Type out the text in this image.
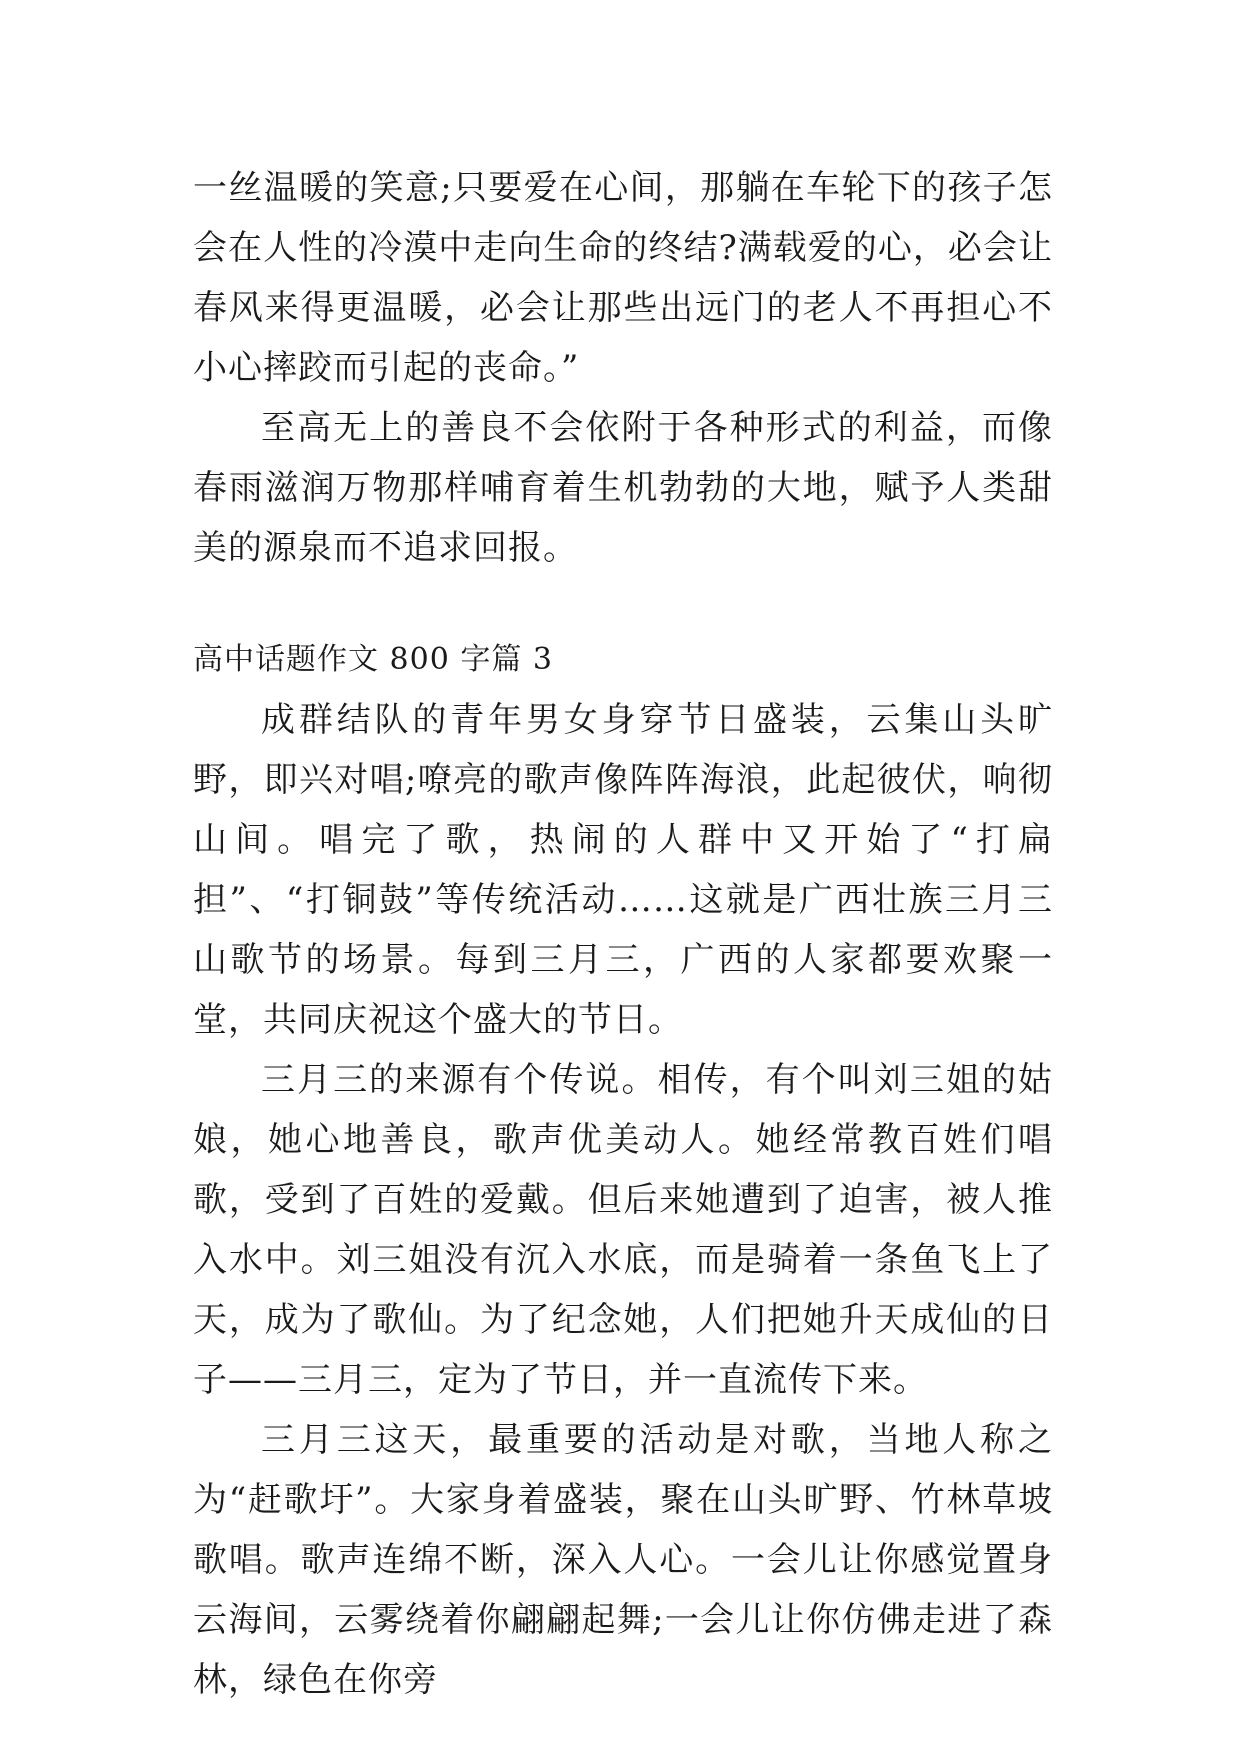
一丝温暖的笑意;只要爱在心间，那躺在车轮下的孩子怎会在人性的冷漠中走向生命的终结?满载爱的心，必会让春风来得更温暖，必会让那些出远门的老人不再担心不小心摔跤而引起的丧命。”

至高无上的善良不会依附于各种形式的利益，而像春雨滋润万物那样哺育着生机勃勃的大地，赋予人类甜美的源泉而不追求回报。

高中话题作文 800 字篇 3

成群结队的青年男女身穿节日盛装，云集山头旷野，即兴对唱;嘹亮的歌声像阵阵海浪，此起彼伏，响彻山间。唱完了歌，热闹的人群中又开始了“打扁担”、“打铜鼓”等传统活动……这就是广西壮族三月三山歌节的场景。每到三月三，广西的人家都要欢聚一堂，共同庆祝这个盛大的节日。

三月三的来源有个传说。相传，有个叫刘三姐的姑娘，她心地善良，歌声优美动人。她经常教百姓们唱歌，受到了百姓的爱戴。但后来她遭到了迫害，被人推入水中。刘三姐没有沉入水底，而是骑着一条鱼飞上了天，成为了歌仙。为了纪念她，人们把她升天成仙的日子——三月三，定为了节日，并一直流传下来。

三月三这天，最重要的活动是对歌，当地人称之为“赶歌圩”。大家身着盛装，聚在山头旷野、竹林草坡歌唱。歌声连绵不断，深入人心。一会儿让你感觉置身云海间，云雾绕着你翩翩起舞;一会儿让你仿佛走进了森林，绿色在你旁
